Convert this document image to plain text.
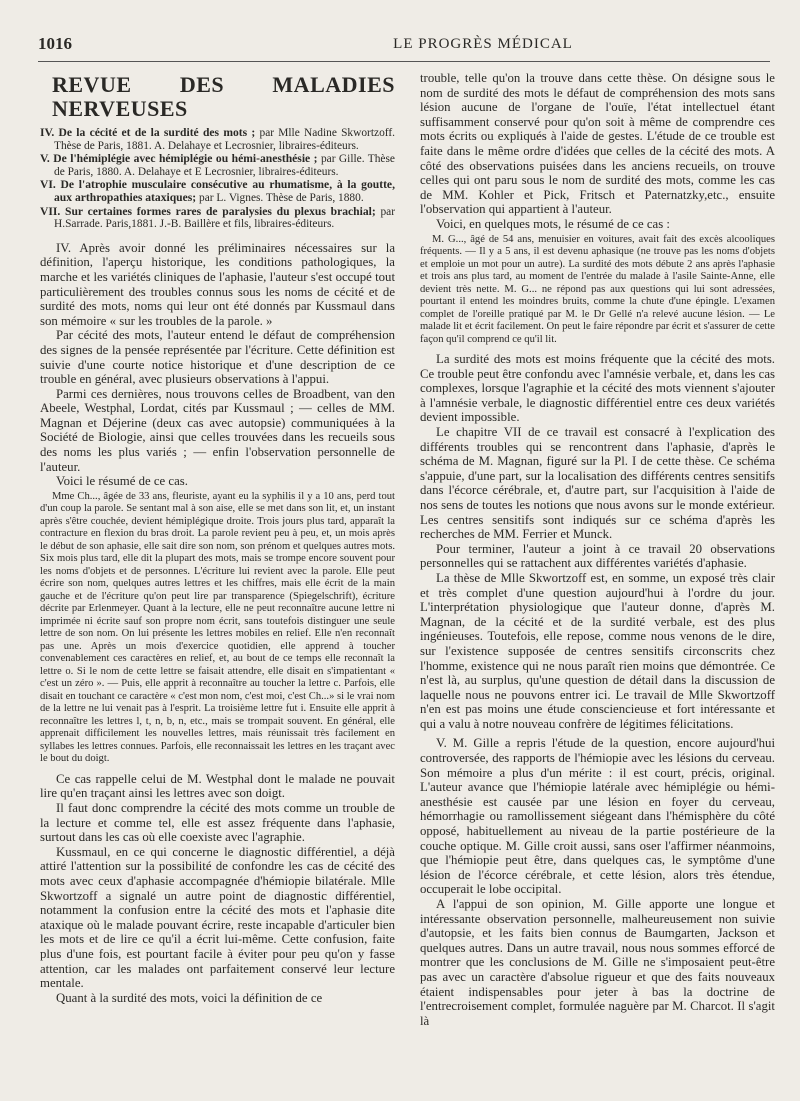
1016	LE PROGRÈS MÉDICAL
REVUE DES MALADIES NERVEUSES
IV. De la cécité et de la surdité des mots ; par Mlle Nadine Skwortzoff. Thèse de Paris, 1881. A. Delahaye et Lecrosnier, libraires-éditeurs.
V. De l'hémiplégie avec hémiplégie ou hémi-anesthésie ; par Gille. Thèse de Paris, 1880. A. Delahaye et E Lecrosnier, libraires-éditeurs.
VI. De l'atrophie musculaire consécutive au rhumatisme, à la goutte, aux arthropathies ataxiques; par L. Vignes. Thèse de Paris, 1880.
VII. Sur certaines formes rares de paralysies du plexus brachial; par H.Sarrade. Paris,1881. J.-B. Baillère et fils, libraires-éditeurs.

IV. Après avoir donné les préliminaires nécessaires sur la définition, l'aperçu historique, les conditions pathologiques, la marche et les variétés cliniques de l'aphasie, l'auteur s'est occupé tout particulièrement des troubles connus sous les noms de cécité et de surdité des mots, noms qui leur ont été donnés par Kussmaul dans son mémoire « sur les troubles de la parole. »

Par cécité des mots, l'auteur entend le défaut de compréhension des signes de la pensée représentée par l'écriture. Cette définition est suivie d'une courte notice historique et d'une description de ce trouble en général, avec plusieurs observations à l'appui.

Parmi ces dernières, nous trouvons celles de Broadbent, van den Abeele, Westphal, Lordat, cités par Kussmaul ; — celles de MM. Magnan et Déjerine (deux cas avec autopsie) communiquées à la Société de Biologie, ainsi que celles trouvées dans les recueils sous des noms les plus variés ; — enfin l'observation personnelle de l'auteur.

Voici le résumé de ce cas.

Mme Ch..., âgée de 33 ans, fleuriste, ayant eu la syphilis il y a 10 ans, perd tout d'un coup la parole. Se sentant mal à son aise, elle se met dans son lit, et, un instant après s'être couchée, devient hémiplégique droite. Trois jours plus tard, apparaît la contracture en flexion du bras droit. La parole revient peu à peu, et, un mois après le début de son aphasie, elle sait dire son nom, son prénom et quelques autres mots. Six mois plus tard, elle dit la plupart des mots, mais se trompe encore souvent pour les noms d'objets et de personnes. L'écriture lui revient avec la parole. Elle peut écrire son nom, quelques autres lettres et les chiffres, mais elle écrit de la main gauche et de l'écriture qu'on peut lire par transparence (Spiegelschrift), écriture décrite par Erlenmeyer. Quant à la lecture, elle ne peut reconnaître aucune lettre ni imprimée ni écrite sauf son propre nom écrit, sans toutefois distinguer une seule lettre de son nom. On lui présente les lettres mobiles en relief. Elle n'en reconnaît pas une. Après un mois d'exercice quotidien, elle apprend à toucher convenablement ces caractères en relief, et, au bout de ce temps elle reconnaît la lettre o. Si le nom de cette lettre se faisait attendre, elle disait en s'impatientant « c'est un zéro ». — Puis, elle apprit à reconnaître au toucher la lettre c. Parfois, elle disait en touchant ce caractère « c'est mon nom, c'est moi, c'est Ch...» si le vrai nom de la lettre ne lui venait pas à l'esprit. La troisième lettre fut i. Ensuite elle apprit à reconnaître les lettres l, t, n, b, n, etc., mais se trompait souvent. En général, elle apprenait difficilement les nouvelles lettres, mais réunissait très facilement en syllabes les lettres connues. Parfois, elle reconnaissait les lettres en les traçant avec le bout du doigt.

Ce cas rappelle celui de M. Westphal dont le malade ne pouvait lire qu'en traçant ainsi les lettres avec son doigt.

Il faut donc comprendre la cécité des mots comme un trouble de la lecture et comme tel, elle est assez fréquente dans l'aphasie, surtout dans les cas où elle coexiste avec l'agraphie.

Kussmaul, en ce qui concerne le diagnostic différentiel, a déjà attiré l'attention sur la possibilité de confondre les cas de cécité des mots avec ceux d'aphasie accompagnée d'hémiopie bilatérale. Mlle Skwortzoff a signalé un autre point de diagnostic différentiel, notamment la confusion entre la cécité des mots et l'aphasie dite ataxique où le malade pouvant écrire, reste incapable d'articuler bien les mots et de lire ce qu'il a écrit lui-même. Cette confusion, faite plus d'une fois, est pourtant facile à éviter pour peu qu'on y fasse attention, car les malades ont parfaitement conservé leur lecture mentale.

Quant à la surdité des mots, voici la définition de ce

trouble, telle qu'on la trouve dans cette thèse. On désigne sous le nom de surdité des mots le défaut de compréhension des mots sans lésion aucune de l'organe de l'ouïe, l'état intellectuel étant suffisamment conservé pour qu'on soit à même de comprendre ces mots écrits ou expliqués à l'aide de gestes. L'étude de ce trouble est faite dans le même ordre d'idées que celles de la cécité des mots. A côté des observations puisées dans les anciens recueils, on trouve celles qui ont paru sous le nom de surdité des mots, comme les cas de MM. Kohler et Pick, Fritsch et Paternatzky,etc., ensuite l'observation qui appartient à l'auteur.

Voici, en quelques mots, le résumé de ce cas :

M. G..., âgé de 54 ans, menuisier en voitures, avait fait des excès alcooliques fréquents. — Il y a 5 ans, il est devenu aphasique (ne trouve pas les noms d'objets et emploie un mot pour un autre). La surdité des mots débute 2 ans après l'aphasie et trois ans plus tard, au moment de l'entrée du malade à l'asile Sainte-Anne, elle devient très nette. M. G... ne répond pas aux questions qui lui sont adressées, pourtant il entend les moindres bruits, comme la chute d'une épingle. L'examen complet de l'oreille pratiqué par M. le Dr Gellé n'a relevé aucune lésion. — Le malade lit et écrit facilement. On peut le faire répondre par écrit et s'assurer de cette façon qu'il comprend ce qu'il lit.

La surdité des mots est moins fréquente que la cécité des mots. Ce trouble peut être confondu avec l'amnésie verbale, et, dans les cas complexes, lorsque l'agraphie et la cécité des mots viennent s'ajouter à l'amnésie verbale, le diagnostic différentiel entre ces deux variétés devient impossible.

Le chapitre VII de ce travail est consacré à l'explication des différents troubles qui se rencontrent dans l'aphasie, d'après le schéma de M. Magnan, figuré sur la Pl. I de cette thèse. Ce schéma s'appuie, d'une part, sur la localisation des différents centres sensitifs dans l'écorce cérébrale, et, d'autre part, sur l'acquisition à l'aide de nos sens de toutes les notions que nous avons sur le monde extérieur. Les centres sensitifs sont indiqués sur ce schéma d'après les recherches de MM. Ferrier et Munck.

Pour terminer, l'auteur a joint à ce travail 20 observations personnelles qui se rattachent aux différentes variétés d'aphasie.

La thèse de Mlle Skwortzoff est, en somme, un exposé très clair et très complet d'une question aujourd'hui à l'ordre du jour. L'interprétation physiologique que l'auteur donne, d'après M. Magnan, de la cécité et de la surdité verbale, est des plus ingénieuses. Toutefois, elle repose, comme nous venons de le dire, sur l'existence supposée de centres sensitifs circonscrits chez l'homme, existence qui ne nous paraît rien moins que démontrée. Ce n'est là, au surplus, qu'une question de détail dans la discussion de laquelle nous ne pouvons entrer ici. Le travail de Mlle Skwortzoff n'en est pas moins une étude consciencieuse et fort intéressante et qui a valu à notre nouveau confrère de légitimes félicitations.

V. M. Gille a repris l'étude de la question, encore aujourd'hui controversée, des rapports de l'hémiopie avec les lésions du cerveau. Son mémoire a plus d'un mérite : il est court, précis, original. L'auteur avance que l'hémiopie latérale avec hémiplégie ou hémi-anesthésie est causée par une lésion en foyer du cerveau, hémorrhagie ou ramollissement siégeant dans l'hémisphère du côté opposé, habituellement au niveau de la partie postérieure de la couche optique. M. Gille croit aussi, sans oser l'affirmer néanmoins, que l'hémiopie peut être, dans quelques cas, le symptôme d'une lésion de l'écorce cérébrale, et cette lésion, alors très étendue, occuperait le lobe occipital.

A l'appui de son opinion, M. Gille apporte une longue et intéressante observation personnelle, malheureusement non suivie d'autopsie, et les faits bien connus de Baumgarten, Jackson et quelques autres. Dans un autre travail, nous nous sommes efforcé de montrer que les conclusions de M. Gille ne s'imposaient peut-être pas avec un caractère d'absolue rigueur et que des faits nouveaux étaient indispensables pour jeter à bas la doctrine de l'entrecroisement complet, formulée naguère par M. Charcot. Il s'agit là
